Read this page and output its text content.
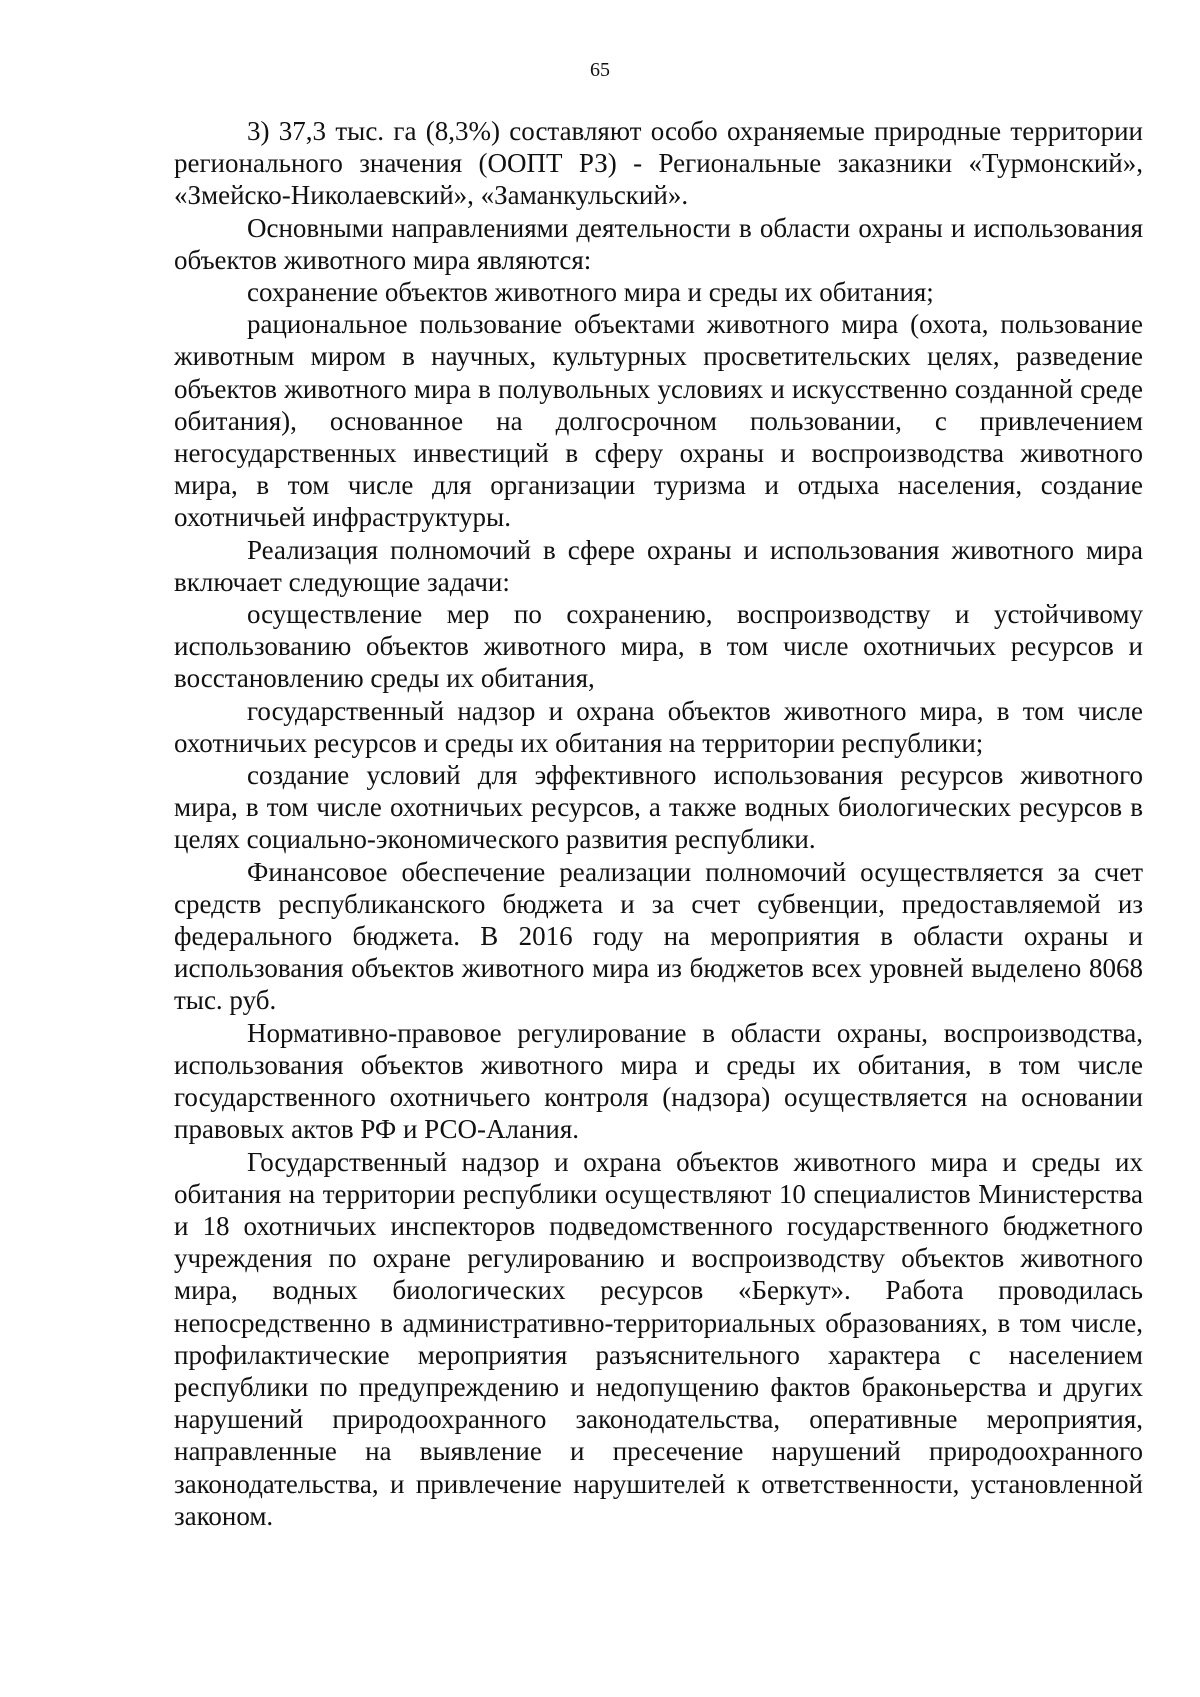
65

3) 37,3 тыс. га (8,3%) составляют особо охраняемые природные территории регионального значения (ООПТ РЗ) - Региональные заказники «Турмонский», «Змейско-Николаевский», «Заманкульский».

Основными направлениями деятельности в области охраны и использования объектов животного мира являются:

сохранение объектов животного мира и среды их обитания;

рациональное пользование объектами животного мира (охота, пользование животным миром в научных, культурных просветительских целях, разведение объектов животного мира в полувольных условиях и искусственно созданной среде обитания), основанное на долгосрочном пользовании, с привлечением негосударственных инвестиций в сферу охраны и воспроизводства животного мира, в том числе для организации туризма и отдыха населения, создание охотничьей инфраструктуры.

Реализация полномочий в сфере охраны и использования животного мира включает следующие задачи:

осуществление мер по сохранению, воспроизводству и устойчивому использованию объектов животного мира, в том числе охотничьих ресурсов и восстановлению среды их обитания,

государственный надзор и охрана объектов животного мира, в том числе охотничьих ресурсов и среды их обитания на территории республики;

создание условий для эффективного использования ресурсов животного мира, в том числе охотничьих ресурсов, а также водных биологических ресурсов в целях социально-экономического развития республики.

Финансовое обеспечение реализации полномочий осуществляется за счет средств республиканского бюджета и за счет субвенции, предоставляемой из федерального бюджета. В 2016 году на мероприятия в области охраны и использования объектов животного мира из бюджетов всех уровней выделено 8068 тыс. руб.

Нормативно-правовое регулирование в области охраны, воспроизводства, использования объектов животного мира и среды их обитания, в том числе государственного охотничьего контроля (надзора) осуществляется на основании правовых актов РФ и РСО-Алания.

Государственный надзор и охрана объектов животного мира и среды их обитания на территории республики осуществляют 10 специалистов Министерства и 18 охотничьих инспекторов подведомственного государственного бюджетного учреждения по охране регулированию и воспроизводству объектов животного мира, водных биологических ресурсов «Беркут». Работа проводилась непосредственно в административно-территориальных образованиях, в том числе, профилактические мероприятия разъяснительного характера с населением республики по предупреждению и недопущению фактов браконьерства и других нарушений природоохранного законодательства, оперативные мероприятия, направленные на выявление и пресечение нарушений природоохранного законодательства, и привлечение нарушителей к ответственности, установленной законом.
